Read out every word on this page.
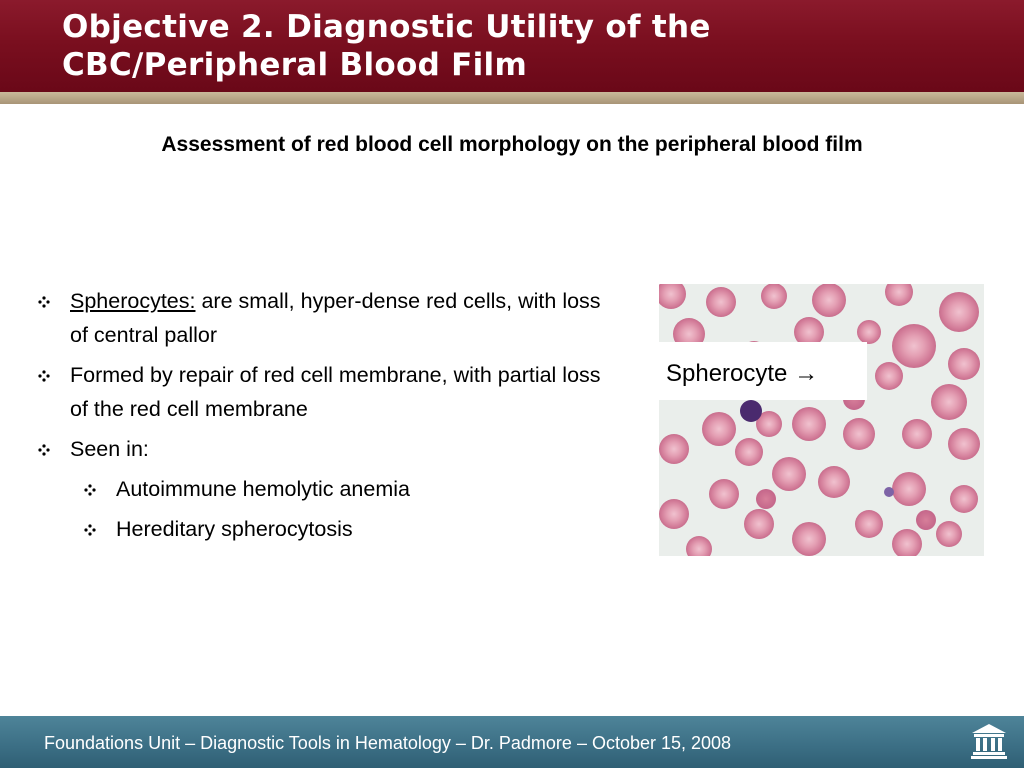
Objective 2. Diagnostic Utility of the
CBC/Peripheral Blood Film
Assessment of red blood cell morphology on the peripheral blood film
Spherocytes: are small, hyper-dense red cells, with loss of central pallor
Formed by repair of red cell membrane, with partial loss of the red cell membrane
Seen in:
Autoimmune hemolytic anemia
Hereditary spherocytosis
Spherocyte →
Foundations Unit – Diagnostic Tools in Hematology – Dr. Padmore – October 15, 2008
